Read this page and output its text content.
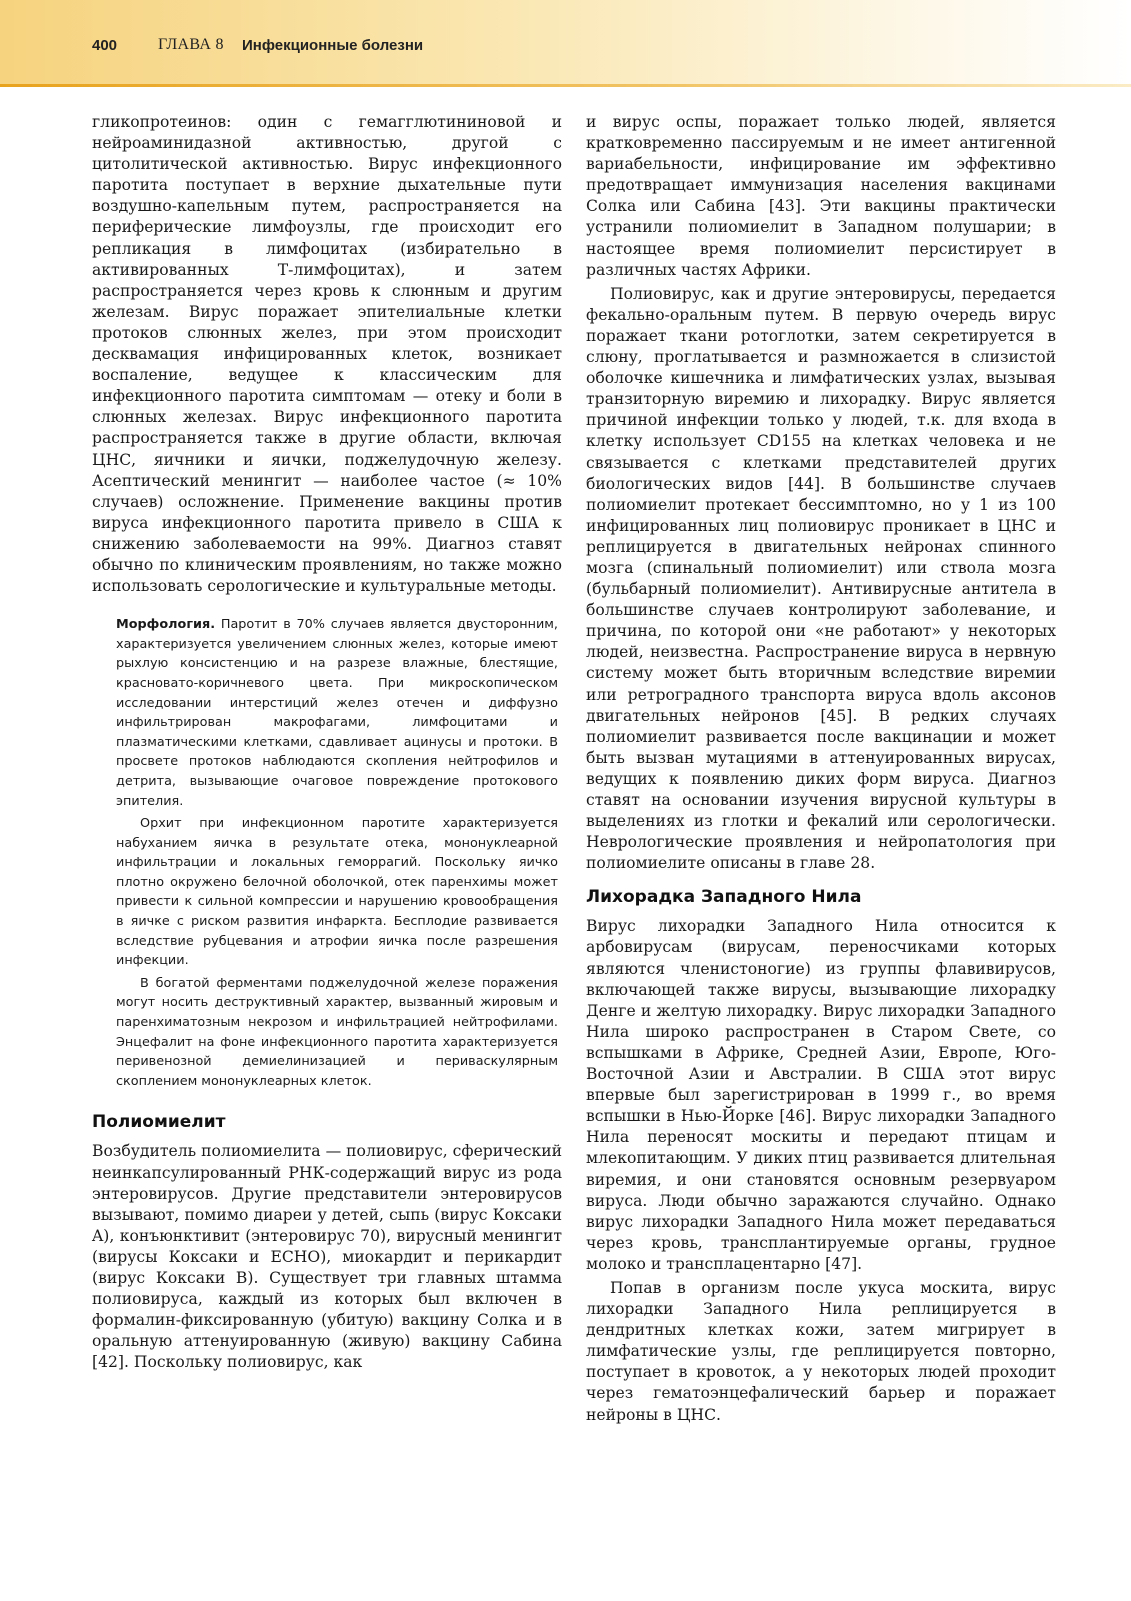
400	ГЛАВА 8 Инфекционные болезни

гликопротеинов: один с гемагглютининовой и нейроаминидазной активностью, другой с цитолитической активностью. Вирус инфекционного паротита поступает в верхние дыхательные пути воздушно-капельным путем, распространяется на периферические лимфоузлы, где происходит его репликация в лимфоцитах (избирательно в активированных Т-лимфоцитах), и затем распространяется через кровь к слюнным и другим железам. Вирус поражает эпителиальные клетки протоков слюнных желез, при этом происходит десквамация инфицированных клеток, возникает воспаление, ведущее к классическим для инфекционного паротита симптомам — отеку и боли в слюнных железах. Вирус инфекционного паротита распространяется также в другие области, включая ЦНС, яичники и яички, поджелудочную железу. Асептический менингит — наиболее частое (≈ 10% случаев) осложнение. Применение вакцины против вируса инфекционного паротита привело в США к снижению заболеваемости на 99%. Диагноз ставят обычно по клиническим проявлениям, но также можно использовать серологические и культуральные методы.

Морфология. Паротит в 70% случаев является двусторонним, характеризуется увеличением слюнных желез, которые имеют рыхлую консистенцию и на разрезе влажные, блестящие, красновато-коричневого цвета. При микроскопическом исследовании интерстиций желез отечен и диффузно инфильтрирован макрофагами, лимфоцитами и плазматическими клетками, сдавливает ацинусы и протоки. В просвете протоков наблюдаются скопления нейтрофилов и детрита, вызывающие очаговое повреждение протокового эпителия.

Орхит при инфекционном паротите характеризуется набуханием яичка в результате отека, мононуклеарной инфильтрации и локальных геморрагий. Поскольку яичко плотно окружено белочной оболочкой, отек паренхимы может привести к сильной компрессии и нарушению кровообращения в яичке с риском развития инфаркта. Бесплодие развивается вследствие рубцевания и атрофии яичка после разрешения инфекции.

В богатой ферментами поджелудочной железе поражения могут носить деструктивный характер, вызванный жировым и паренхиматозным некрозом и инфильтрацией нейтрофилами. Энцефалит на фоне инфекционного паротита характеризуется перивенозной демиелинизацией и периваскулярным скоплением мононуклеарных клеток.

Полиомиелит

Возбудитель полиомиелита — полиовирус, сферический неинкапсулированный РНК-содержащий вирус из рода энтеровирусов. Другие представители энтеровирусов вызывают, помимо диареи у детей, сыпь (вирус Коксаки A), конъюнктивит (энтеровирус 70), вирусный менингит (вирусы Коксаки и ECHO), миокардит и перикардит (вирус Коксаки B). Существует три главных штамма полиовируса, каждый из которых был включен в формалин-фиксированную (убитую) вакцину Солка и в оральную аттенуированную (живую) вакцину Сабина [42]. Поскольку полиовирус, как

и вирус оспы, поражает только людей, является кратковременно пассируемым и не имеет антигенной вариабельности, инфицирование им эффективно предотвращает иммунизация населения вакцинами Солка или Сабина [43]. Эти вакцины практически устранили полиомиелит в Западном полушарии; в настоящее время полиомиелит персистирует в различных частях Африки.

Полиовирус, как и другие энтеровирусы, передается фекально-оральным путем. В первую очередь вирус поражает ткани ротоглотки, затем секретируется в слюну, проглатывается и размножается в слизистой оболочке кишечника и лимфатических узлах, вызывая транзиторную виремию и лихорадку. Вирус является причиной инфекции только у людей, т.к. для входа в клетку использует CD155 на клетках человека и не связывается с клетками представителей других биологических видов [44]. В большинстве случаев полиомиелит протекает бессимптомно, но у 1 из 100 инфицированных лиц полиовирус проникает в ЦНС и реплицируется в двигательных нейронах спинного мозга (спинальный полиомиелит) или ствола мозга (бульбарный полиомиелит). Антивирусные антитела в большинстве случаев контролируют заболевание, и причина, по которой они «не работают» у некоторых людей, неизвестна. Распространение вируса в нервную систему может быть вторичным вследствие виремии или ретроградного транспорта вируса вдоль аксонов двигательных нейронов [45]. В редких случаях полиомиелит развивается после вакцинации и может быть вызван мутациями в аттенуированных вирусах, ведущих к появлению диких форм вируса. Диагноз ставят на основании изучения вирусной культуры в выделениях из глотки и фекалий или серологически. Неврологические проявления и нейропатология при полиомиелите описаны в главе 28.

Лихорадка Западного Нила

Вирус лихорадки Западного Нила относится к арбовирусам (вирусам, переносчиками которых являются членистоногие) из группы флавивирусов, включающей также вирусы, вызывающие лихорадку Денге и желтую лихорадку. Вирус лихорадки Западного Нила широко распространен в Старом Свете, со вспышками в Африке, Средней Азии, Европе, Юго-Восточной Азии и Австралии. В США этот вирус впервые был зарегистрирован в 1999 г., во время вспышки в Нью-Йорке [46]. Вирус лихорадки Западного Нила переносят москиты и передают птицам и млекопитающим. У диких птиц развивается длительная виремия, и они становятся основным резервуаром вируса. Люди обычно заражаются случайно. Однако вирус лихорадки Западного Нила может передаваться через кровь, трансплантируемые органы, грудное молоко и трансплацентарно [47].

Попав в организм после укуса москита, вирус лихорадки Западного Нила реплицируется в дендритных клетках кожи, затем мигрирует в лимфатические узлы, где реплицируется повторно, поступает в кровоток, а у некоторых людей проходит через гематоэнцефалический барьер и поражает нейроны в ЦНС.
